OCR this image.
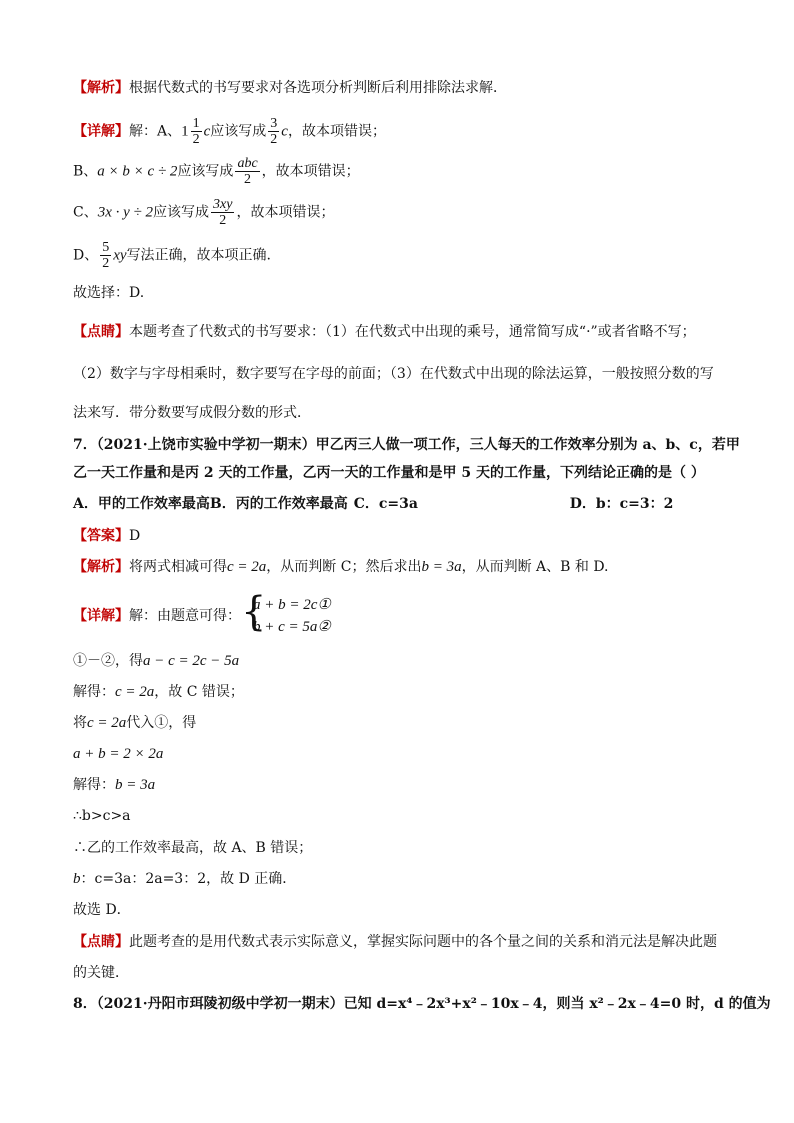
【解析】根据代数式的书写要求对各选项分析判断后利用排除法求解．
【详解】解：A、$1 \frac{1}{2}$ c应该写成 $\frac{3}{2}$ c，故本项错误；
B、a × b × c ÷ 2应该写成 $\frac{\text{abc}}{2}$ ，故本项错误；
C、3x · y ÷ 2应该写成 $\frac{3xy}{2}$ ，故本项错误；
D、 $\frac{5}{2}$ xy写法正确，故本项正确.
故选择：D.
【点睛】本题考查了代数式的书写要求：（1）在代数式中出现的乘号，通常简写成“·”或者省略不写；
（2）数字与字母相乘时，数字要写在字母的前面；（3）在代数式中出现的除法运算，一般按照分数的写
法来写．带分数要写成假分数的形式．
7．（2021·上饶市实验中学初一期末）甲乙丙三人做一项工作，三人每天的工作效率分别为 a、b、c，若甲
乙一天工作量和是丙 2 天的工作量，乙丙一天的工作量和是甲 5 天的工作量，下列结论正确的是（ ）
A．甲的工作效率最高B．丙的工作效率最高 C．c=3a	D．b：c=3：2
【答案】D
【解析】将两式相减可得c = 2a，从而判断 C；然后求出b = 3a，从而判断 A、B 和 D.
【详解】解：由题意可得： {
a + b = 2c①
b + c = 5a②
①－②，得a − c = 2c − 5a
解得：c = 2a，故 C 错误；
将c = 2a代入①，得
a + b = 2 × 2a
解得：b = 3a
∴b>c>a
∴乙的工作效率最高，故 A、B 错误；
b：c=3a：2a=3：2，故 D 正确．
故选 D．
【点睛】此题考查的是用代数式表示实际意义，掌握实际问题中的各个量之间的关系和消元法是解决此题
的关键．
8．（2021·丹阳市珥陵初级中学初一期末）已知 d=x⁴﹣2x³+x²﹣10x﹣4，则当 x²﹣2x﹣4=0 时，d 的值为
